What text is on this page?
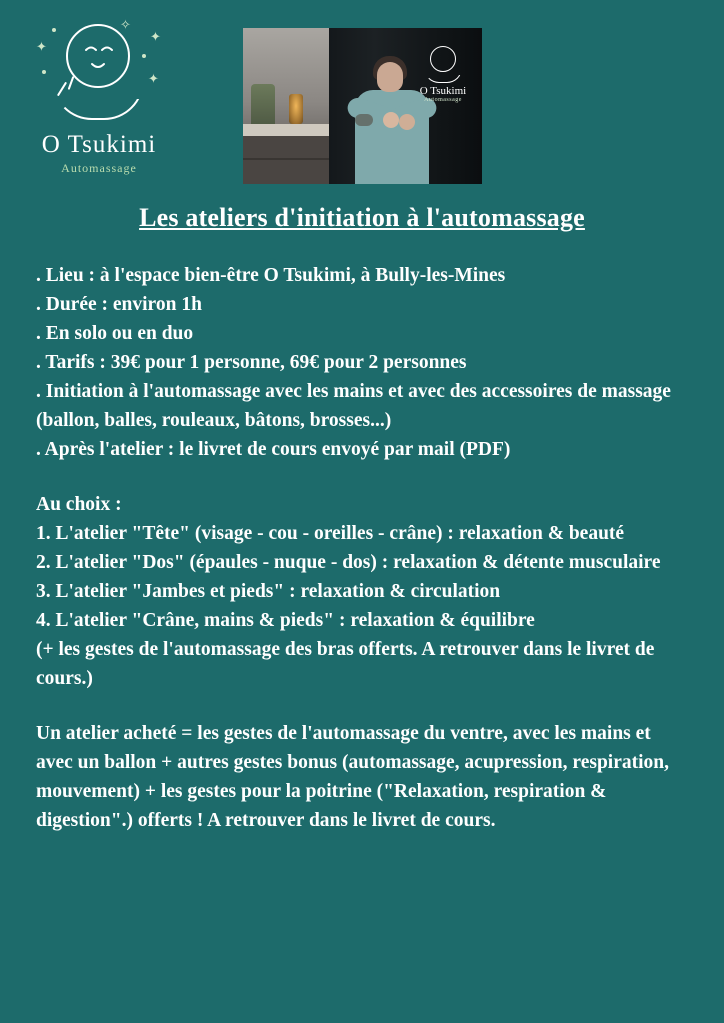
✦
✦
✧
✦
O Tsukimi
Automassage
O Tsukimi
Automassage
Les ateliers d'initiation à l'automassage

. Lieu : à l'espace bien-être O Tsukimi, à Bully-les-Mines

. Durée : environ 1h

. En solo ou en duo

. Tarifs : 39€ pour 1 personne, 69€ pour 2 personnes

. Initiation à l'automassage avec les mains et avec des accessoires de massage (ballon, balles, rouleaux, bâtons, brosses...)

. Après l'atelier : le livret de cours envoyé par mail (PDF)

Au choix :

1. L'atelier "Tête" (visage - cou - oreilles - crâne) : relaxation & beauté

2. L'atelier "Dos" (épaules - nuque - dos) : relaxation & détente musculaire

3. L'atelier "Jambes et pieds" : relaxation & circulation

4. L'atelier "Crâne, mains & pieds" : relaxation & équilibre

(+ les gestes de l'automassage des bras offerts. A retrouver dans le livret de cours.)

Un atelier acheté = les gestes de l'automassage du ventre, avec les mains et avec un ballon + autres gestes bonus (automassage, acupression, respiration, mouvement) + les gestes pour la poitrine ("Relaxation, respiration & digestion".) offerts ! A retrouver dans le livret de cours.
